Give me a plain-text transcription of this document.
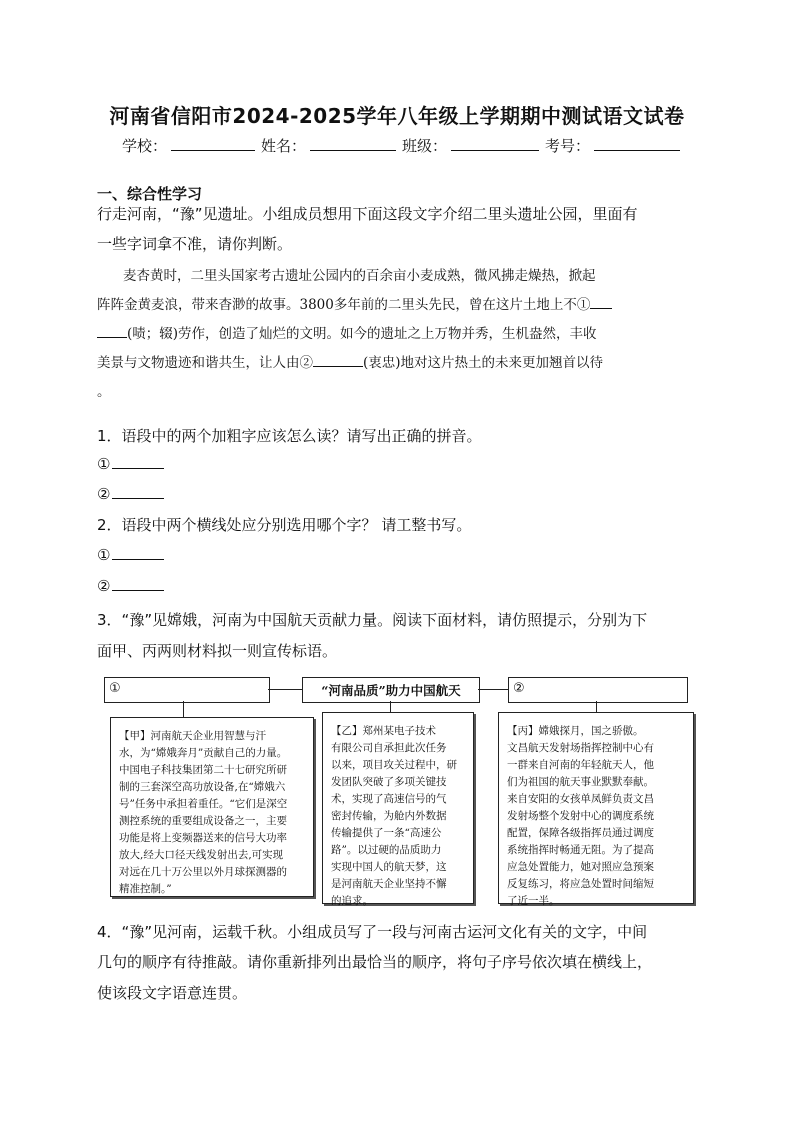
河南省信阳市2024-2025学年八年级上学期期中测试语文试卷
学校：	姓名：	班级：	考号：
一、综合性学习
行走河南，“豫”见遗址。小组成员想用下面这段文字介绍二里头遗址公园，里面有
一些字词拿不准，请你判断。
麦杏黄时，二里头国家考古遗址公园内的百余亩小麦成熟，微风拂走燥热，掀起
阵阵金黄麦浪，带来杳渺的故事。3800多年前的二里头先民，曾在这片土地上不①
(啧；辍)劳作，创造了灿烂的文明。如今的遗址之上万物并秀，生机盎然，丰收
美景与文物遗迹和谐共生，让人由②	(衷忠)地对这片热土的未来更加翘首以待
。
1．语段中的两个加粗字应该怎么读？请写出正确的拼音。
①
②
2．语段中两个横线处应分别选用哪个字？ 请工整书写。
①
②
3．“豫”见嫦娥，河南为中国航天贡献力量。阅读下面材料，请仿照提示，分别为下
面甲、丙两则材料拟一则宣传标语。
①	“河南品质”助力中国航天	②
【甲】河南航天企业用智慧与汗
水，为“嫦娥奔月”贡献自己的力量。
中国电子科技集团第二十七研究所研
制的三套深空高功放设备,在“嫦娥六
号”任务中承担着重任。“它们是深空
测控系统的重要组成设备之一，主要
功能是将上变频器送来的信号大功率
放大,经大口径天线发射出去,可实现
对远在几十万公里以外月球探测器的
精准控制。”
【乙】郑州某电子技术
有限公司自承担此次任务
以来，项目攻关过程中，研
发团队突破了多项关键技
术，实现了高速信号的气
密封传输，为舱内外数据
传输提供了一条“高速公
路”。以过硬的品质助力
实现中国人的航天梦，这
是河南航天企业坚持不懈
的追求。
【丙】嫦娥探月，国之骄傲。
文昌航天发射场指挥控制中心有
一群来自河南的年轻航天人，他
们为祖国的航天事业默默奉献。
来自安阳的女孩单凤鲜负责文昌
发射场整个发射中心的调度系统
配置，保障各级指挥员通过调度
系统指挥时畅通无阻。为了提高
应急处置能力，她对照应急预案
反复练习，将应急处置时间缩短
了近一半。
4．“豫”见河南，运载千秋。小组成员写了一段与河南古运河文化有关的文字，中间
几句的顺序有待推敲。请你重新排列出最恰当的顺序，将句子序号依次填在横线上，
使该段文字语意连贯。
